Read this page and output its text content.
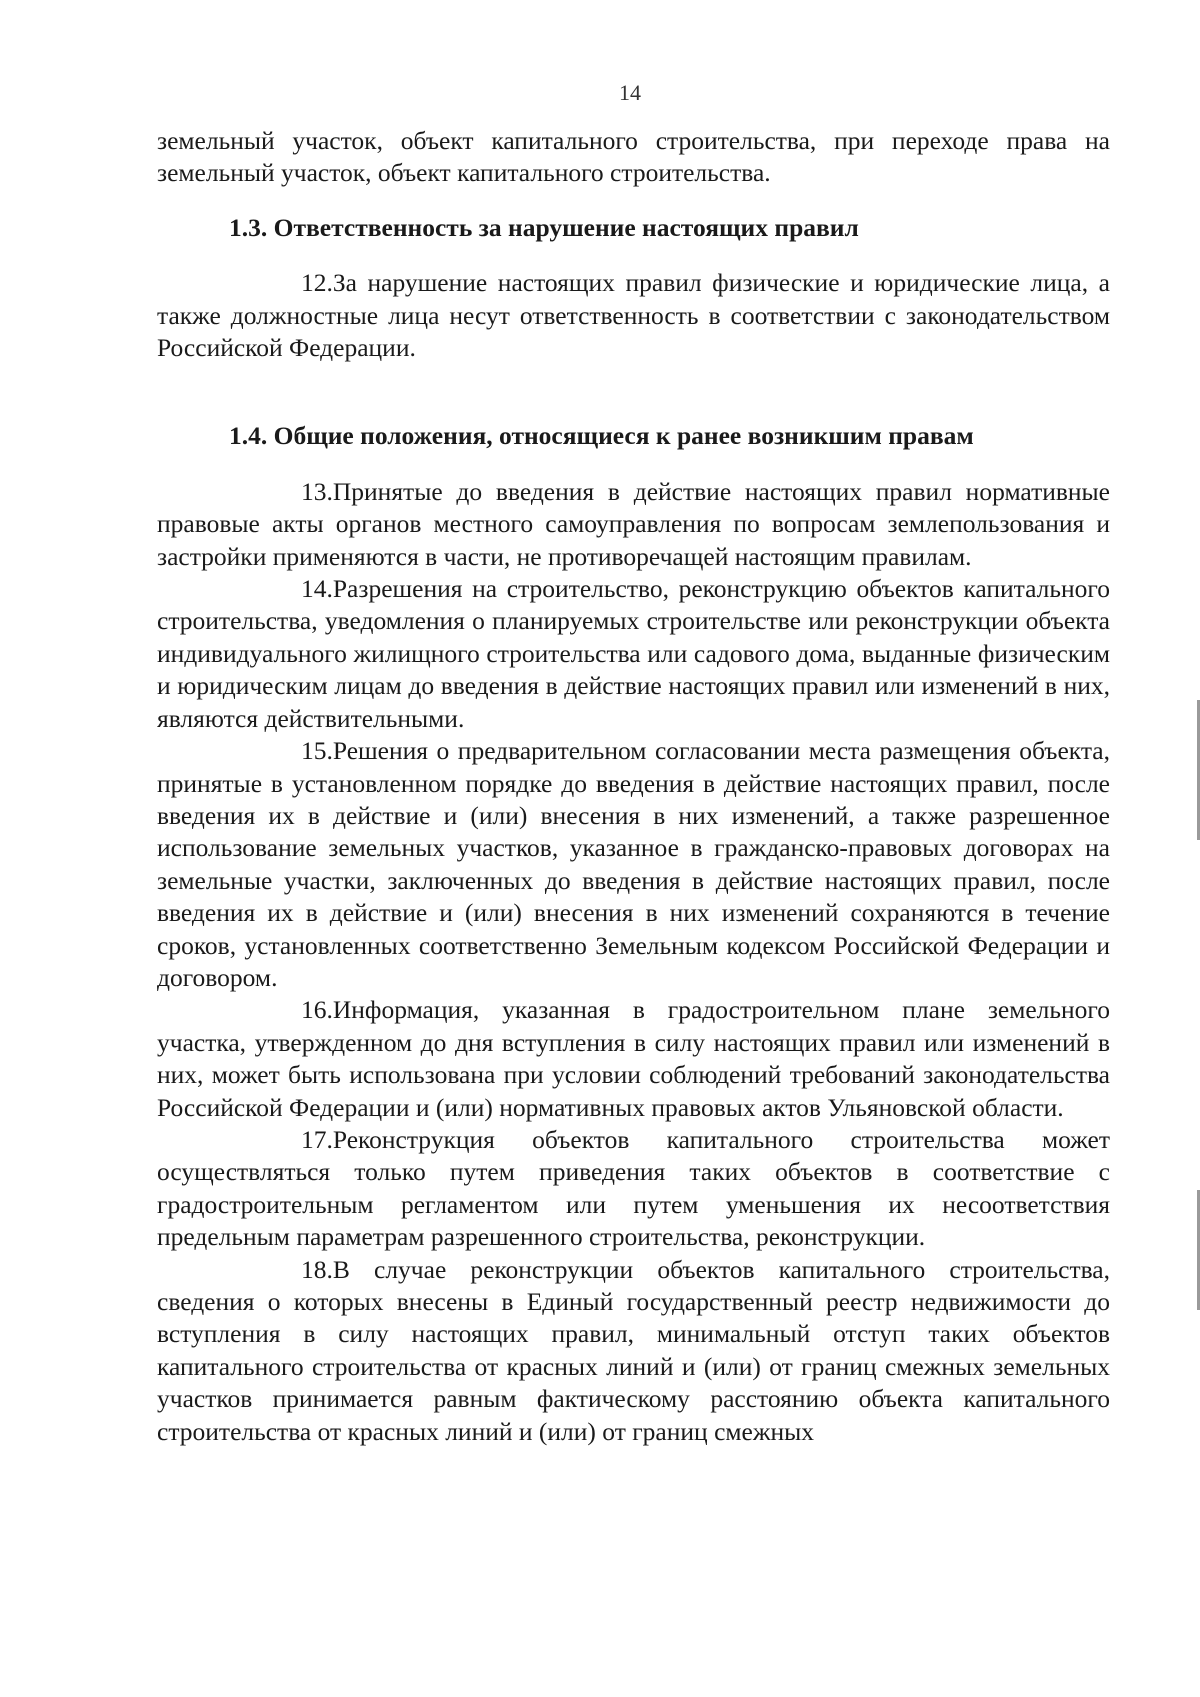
14

земельный участок, объект капитального строительства, при переходе права на земельный участок, объект капитального строительства.

1.3. Ответственность за нарушение настоящих правил

12.За нарушение настоящих правил физические и юридические лица, а также должностные лица несут ответственность в соответствии с законодательством Российской Федерации.

1.4. Общие положения, относящиеся к ранее возникшим правам

13.Принятые до введения в действие настоящих правил нормативные правовые акты органов местного самоуправления по вопросам землепользования и застройки применяются в части, не противоречащей настоящим правилам.

14.Разрешения на строительство, реконструкцию объектов капитального строительства, уведомления о планируемых строительстве или реконструкции объекта индивидуального жилищного строительства или садового дома, выданные физическим и юридическим лицам до введения в действие настоящих правил или изменений в них, являются действительными.

15.Решения о предварительном согласовании места размещения объекта, принятые в установленном порядке до введения в действие настоящих правил, после введения их в действие и (или) внесения в них изменений, а также разрешенное использование земельных участков, указанное в гражданско-правовых договорах на земельные участки, заключенных до введения в действие настоящих правил, после введения их в действие и (или) внесения в них изменений сохраняются в течение сроков, установленных соответственно Земельным кодексом Российской Федерации и договором.

16.Информация, указанная в градостроительном плане земельного участка, утвержденном до дня вступления в силу настоящих правил или изменений в них, может быть использована при условии соблюдений требований законодательства Российской Федерации и (или) нормативных правовых актов Ульяновской области.

17.Реконструкция объектов капитального строительства может осуществляться только путем приведения таких объектов в соответствие с градостроительным регламентом или путем уменьшения их несоответствия предельным параметрам разрешенного строительства, реконструкции.

18.В случае реконструкции объектов капитального строительства, сведения о которых внесены в Единый государственный реестр недвижимости до вступления в силу настоящих правил, минимальный отступ таких объектов капитального строительства от красных линий и (или) от границ смежных земельных участков принимается равным фактическому расстоянию объекта капитального строительства от красных линий и (или) от границ смежных
